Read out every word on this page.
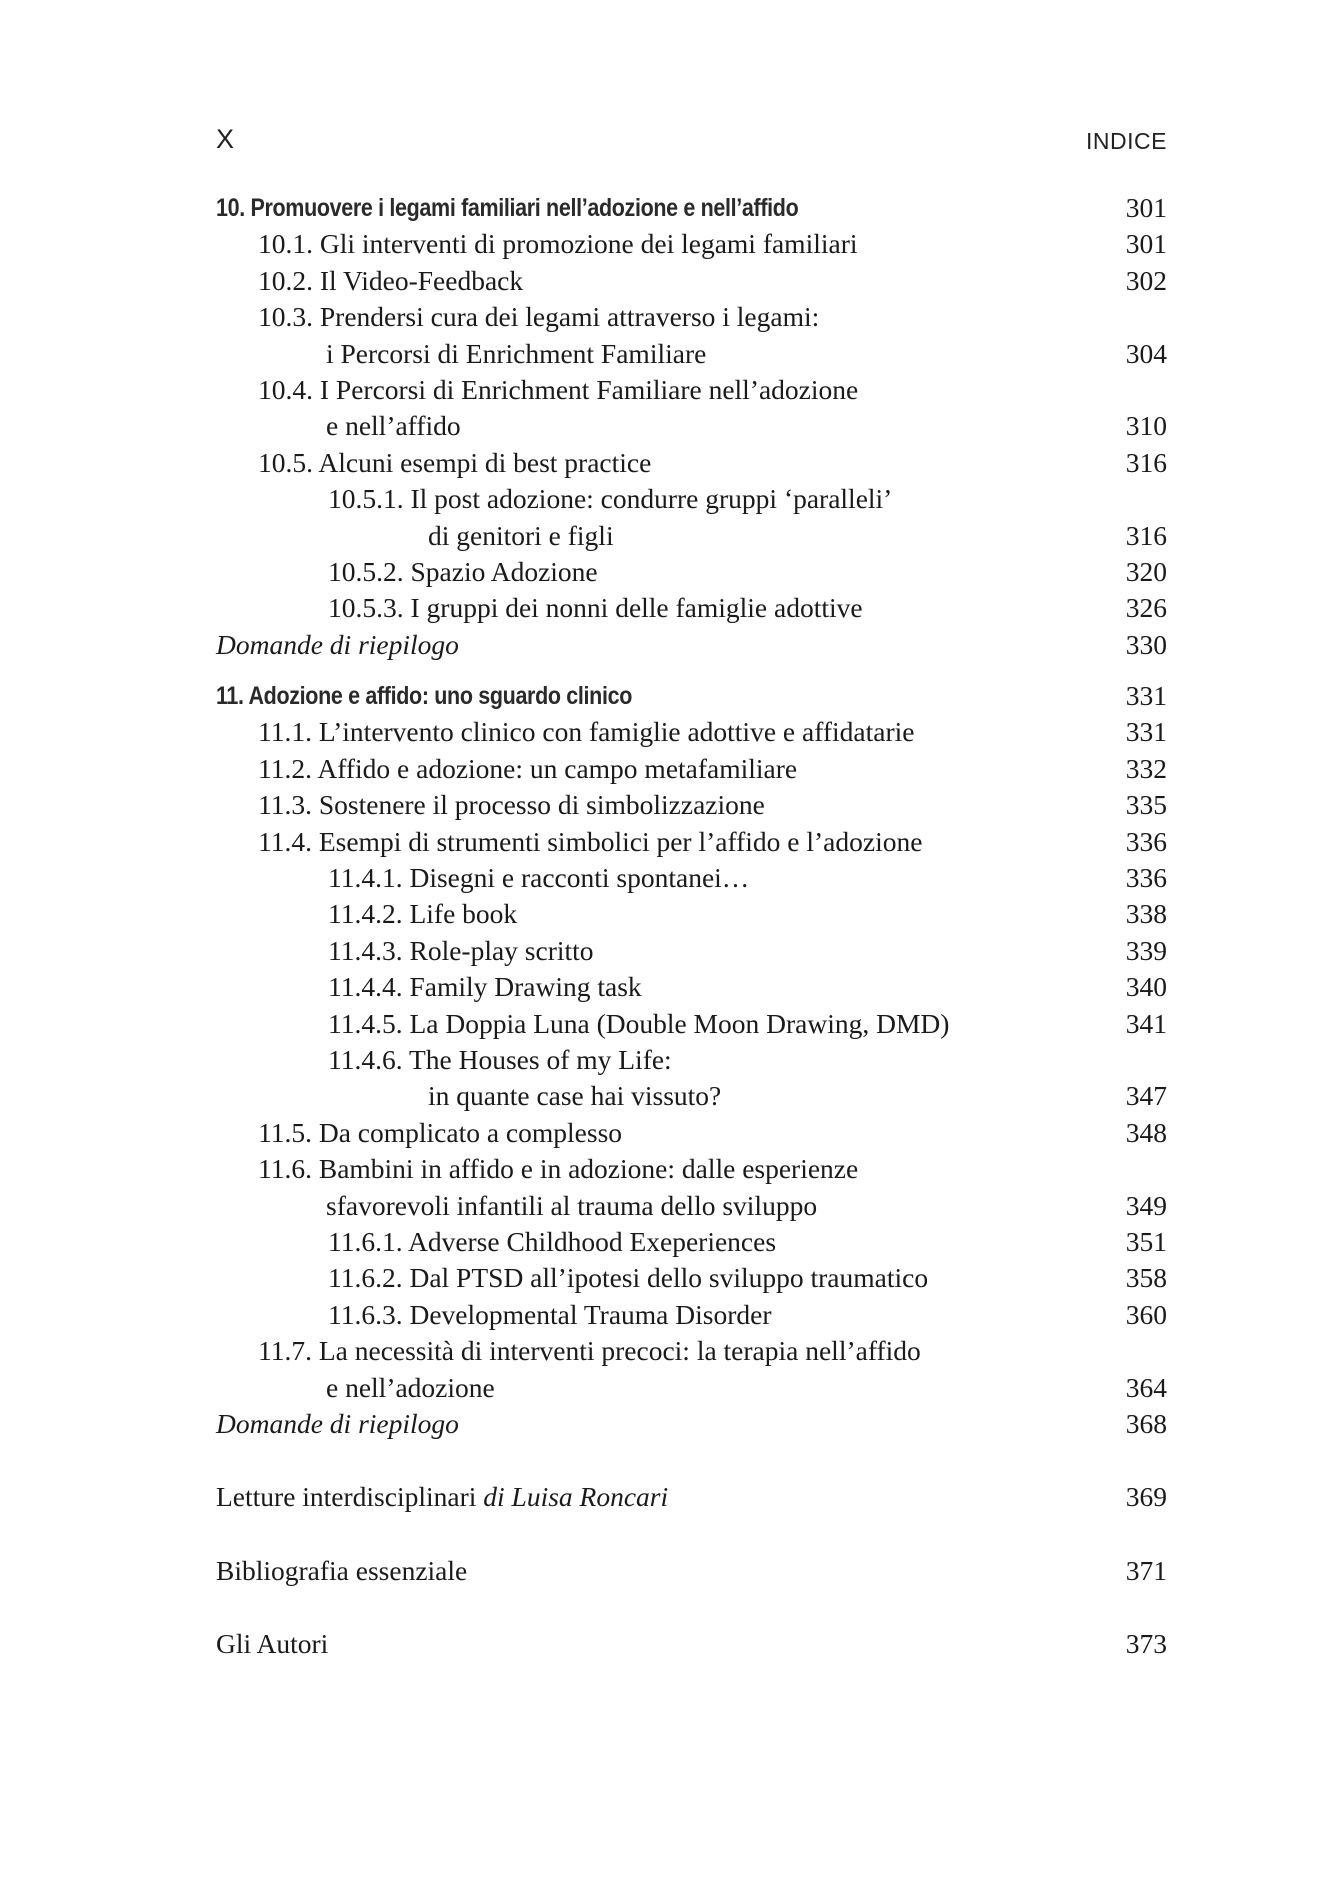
X	INDICE
10. Promuovere i legami familiari nell’adozione e nell’affido	301
10.1. Gli interventi di promozione dei legami familiari	301
10.2. Il Video-Feedback	302
10.3. Prendersi cura dei legami attraverso i legami:
i Percorsi di Enrichment Familiare	304
10.4. I Percorsi di Enrichment Familiare nell’adozione
e nell’affido	310
10.5. Alcuni esempi di best practice	316
10.5.1. Il post adozione: condurre gruppi ‘paralleli’
di genitori e figli	316
10.5.2. Spazio Adozione	320
10.5.3. I gruppi dei nonni delle famiglie adottive	326
Domande di riepilogo	330
11. Adozione e affido: uno sguardo clinico	331
11.1. L’intervento clinico con famiglie adottive e affidatarie	331
11.2. Affido e adozione: un campo metafamiliare	332
11.3. Sostenere il processo di simbolizzazione	335
11.4. Esempi di strumenti simbolici per l’affido e l’adozione	336
11.4.1. Disegni e racconti spontanei…	336
11.4.2. Life book	338
11.4.3. Role-play scritto	339
11.4.4. Family Drawing task	340
11.4.5. La Doppia Luna (Double Moon Drawing, DMD)	341
11.4.6. The Houses of my Life:
in quante case hai vissuto?	347
11.5. Da complicato a complesso	348
11.6. Bambini in affido e in adozione: dalle esperienze
sfavorevoli infantili al trauma dello sviluppo	349
11.6.1. Adverse Childhood Exeperiences	351
11.6.2. Dal PTSD all’ipotesi dello sviluppo traumatico	358
11.6.3. Developmental Trauma Disorder	360
11.7. La necessità di interventi precoci: la terapia nell’affido
e nell’adozione	364
Domande di riepilogo	368
Letture interdisciplinari di Luisa Roncari	369
Bibliografia essenziale	371
Gli Autori	373
